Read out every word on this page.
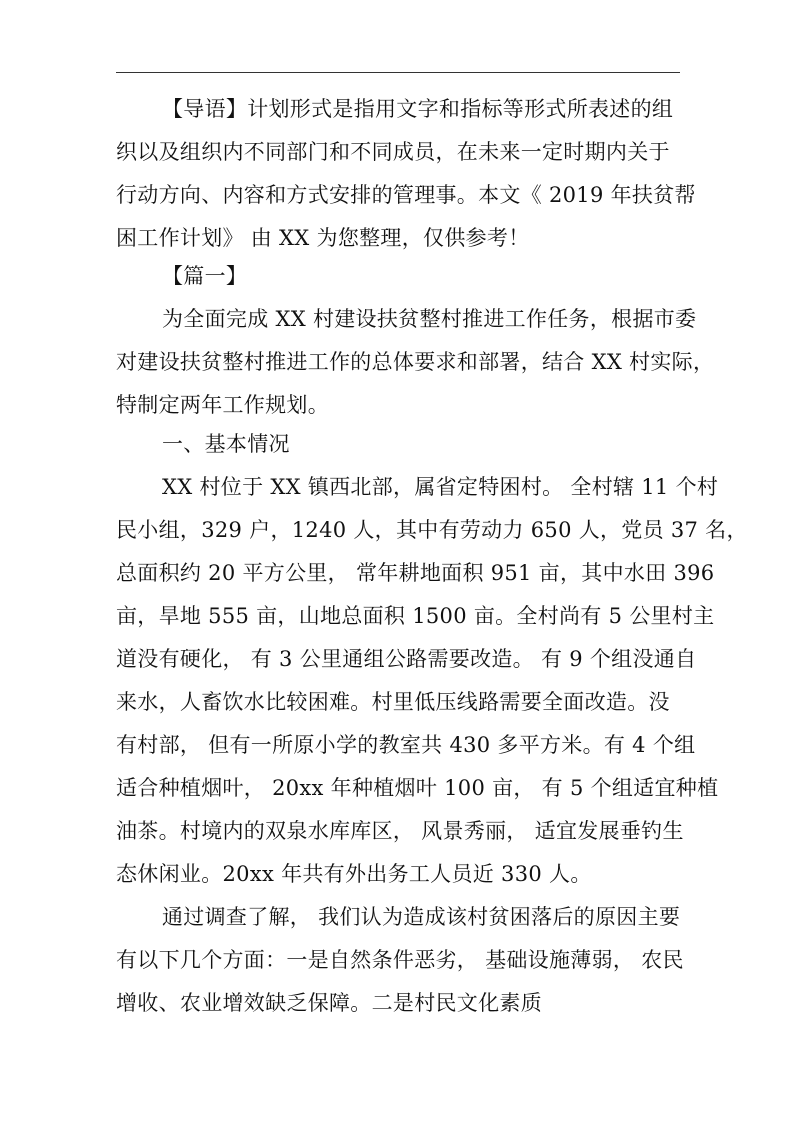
【导语】计划形式是指用文字和指标等形式所表述的组
织以及组织内不同部门和不同成员，在未来一定时期内关于
行动方向、内容和方式安排的管理事。本文《 2019 年扶贫帮
困工作计划》 由 XX 为您整理，仅供参考！
【篇一】
为全面完成 XX 村建设扶贫整村推进工作任务，根据市委
对建设扶贫整村推进工作的总体要求和部署，结合 XX 村实际，
特制定两年工作规划。
一、基本情况
XX 村位于 XX 镇西北部，属省定特困村。 全村辖 11 个村
民小组，329 户，1240 人，其中有劳动力 650 人，党员 37 名，
总面积约 20 平方公里， 常年耕地面积 951 亩，其中水田 396
亩，旱地 555 亩，山地总面积 1500 亩。全村尚有 5 公里村主
道没有硬化， 有 3 公里通组公路需要改造。 有 9 个组没通自
来水，人畜饮水比较困难。村里低压线路需要全面改造。没
有村部， 但有一所原小学的教室共 430 多平方米。有 4 个组
适合种植烟叶， 20xx 年种植烟叶 100 亩， 有 5 个组适宜种植
油茶。村境内的双泉水库库区， 风景秀丽， 适宜发展垂钓生
态休闲业。20xx 年共有外出务工人员近 330 人。
通过调查了解， 我们认为造成该村贫困落后的原因主要
有以下几个方面：一是自然条件恶劣， 基础设施薄弱， 农民
增收、农业增效缺乏保障。二是村民文化素质
